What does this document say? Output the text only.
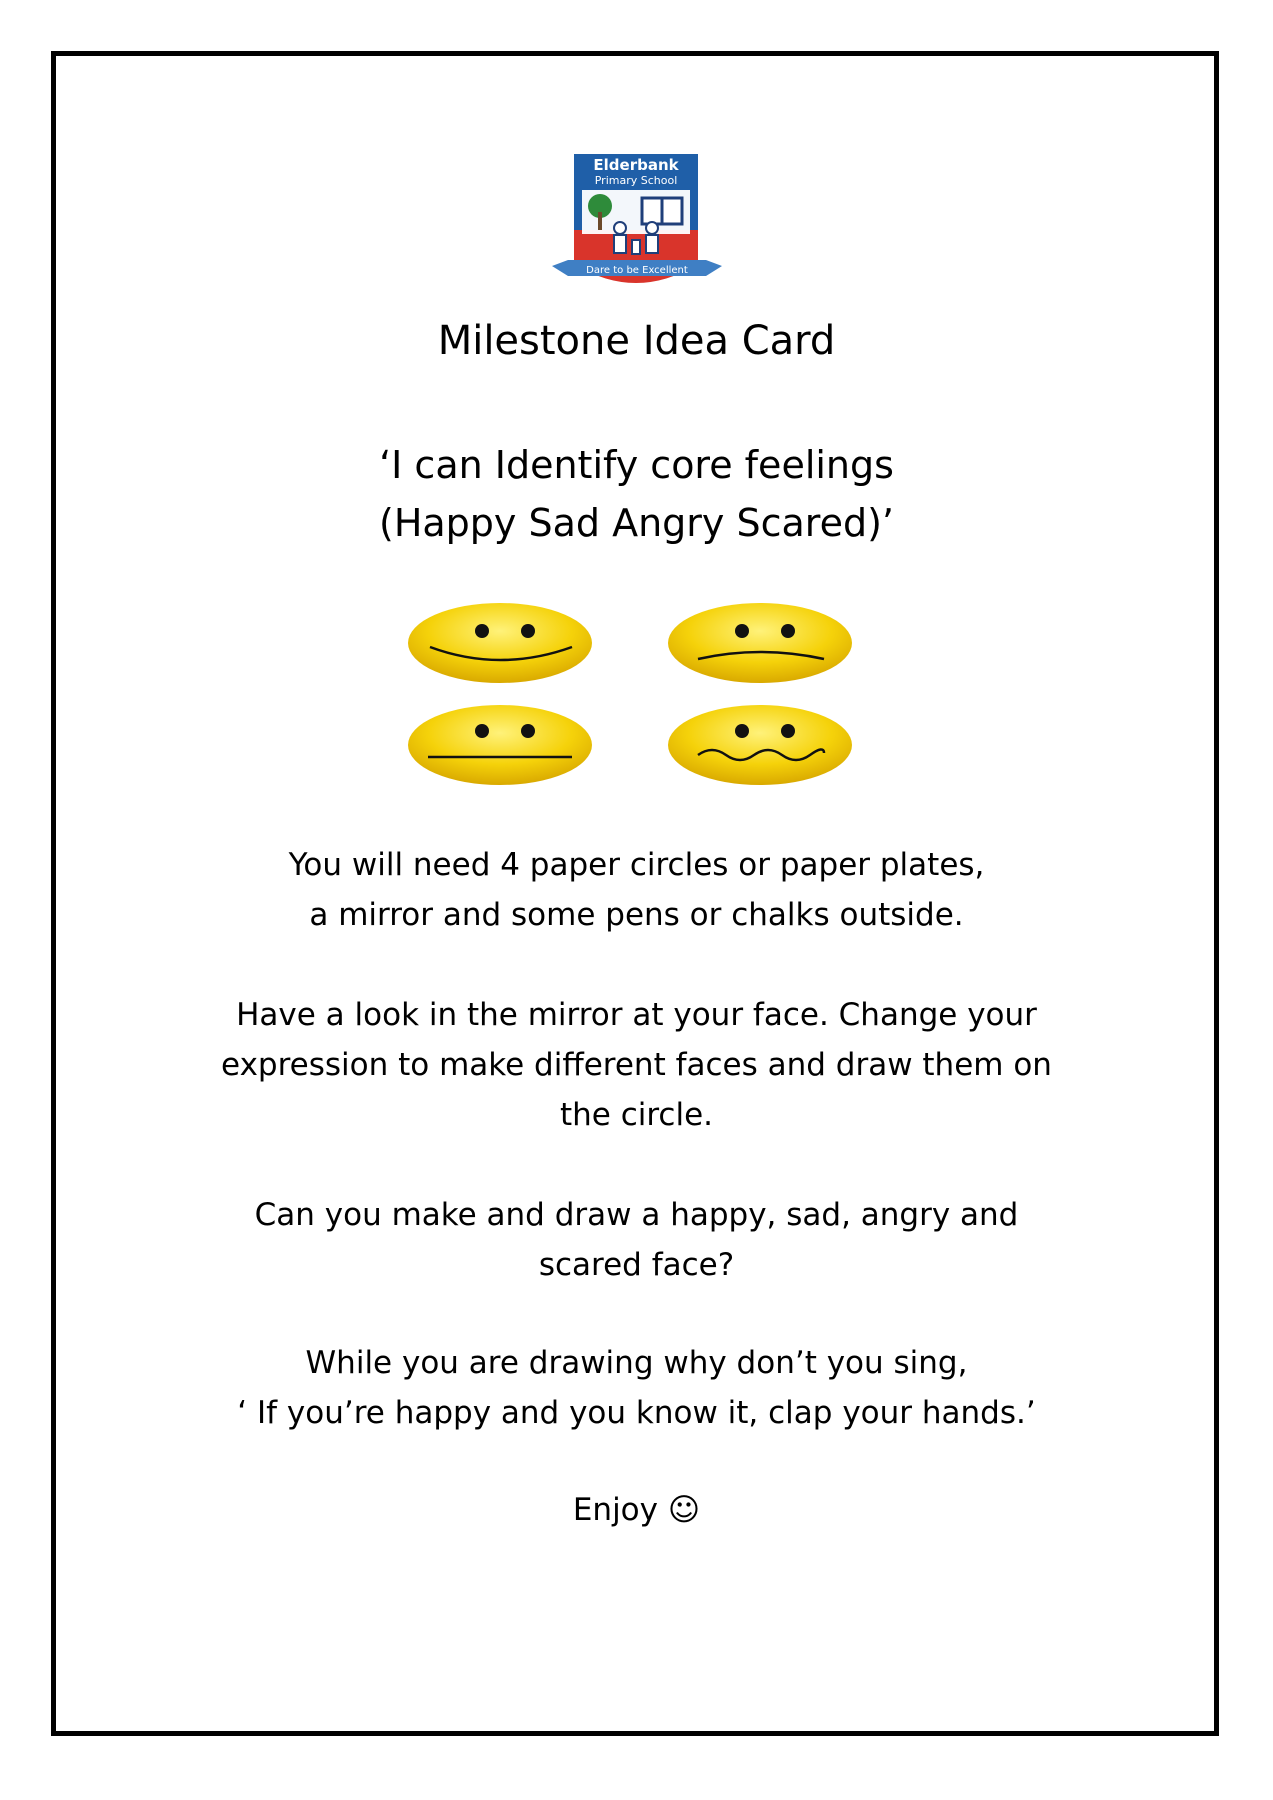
Dare to be Excellent
Elderbank
Primary School
Milestone Idea Card
‘I can Identify core feelings
(Happy Sad Angry Scared)’
You will need 4 paper circles or paper plates,
a mirror and some pens or chalks outside.
Have a look in the mirror at your face. Change your
expression to make different faces and draw them on
the circle.
Can you make and draw a happy, sad, angry and
scared face?
While you are drawing why don’t you sing,
‘ If you’re happy and you know it, clap your hands.’
Enjoy ☺
